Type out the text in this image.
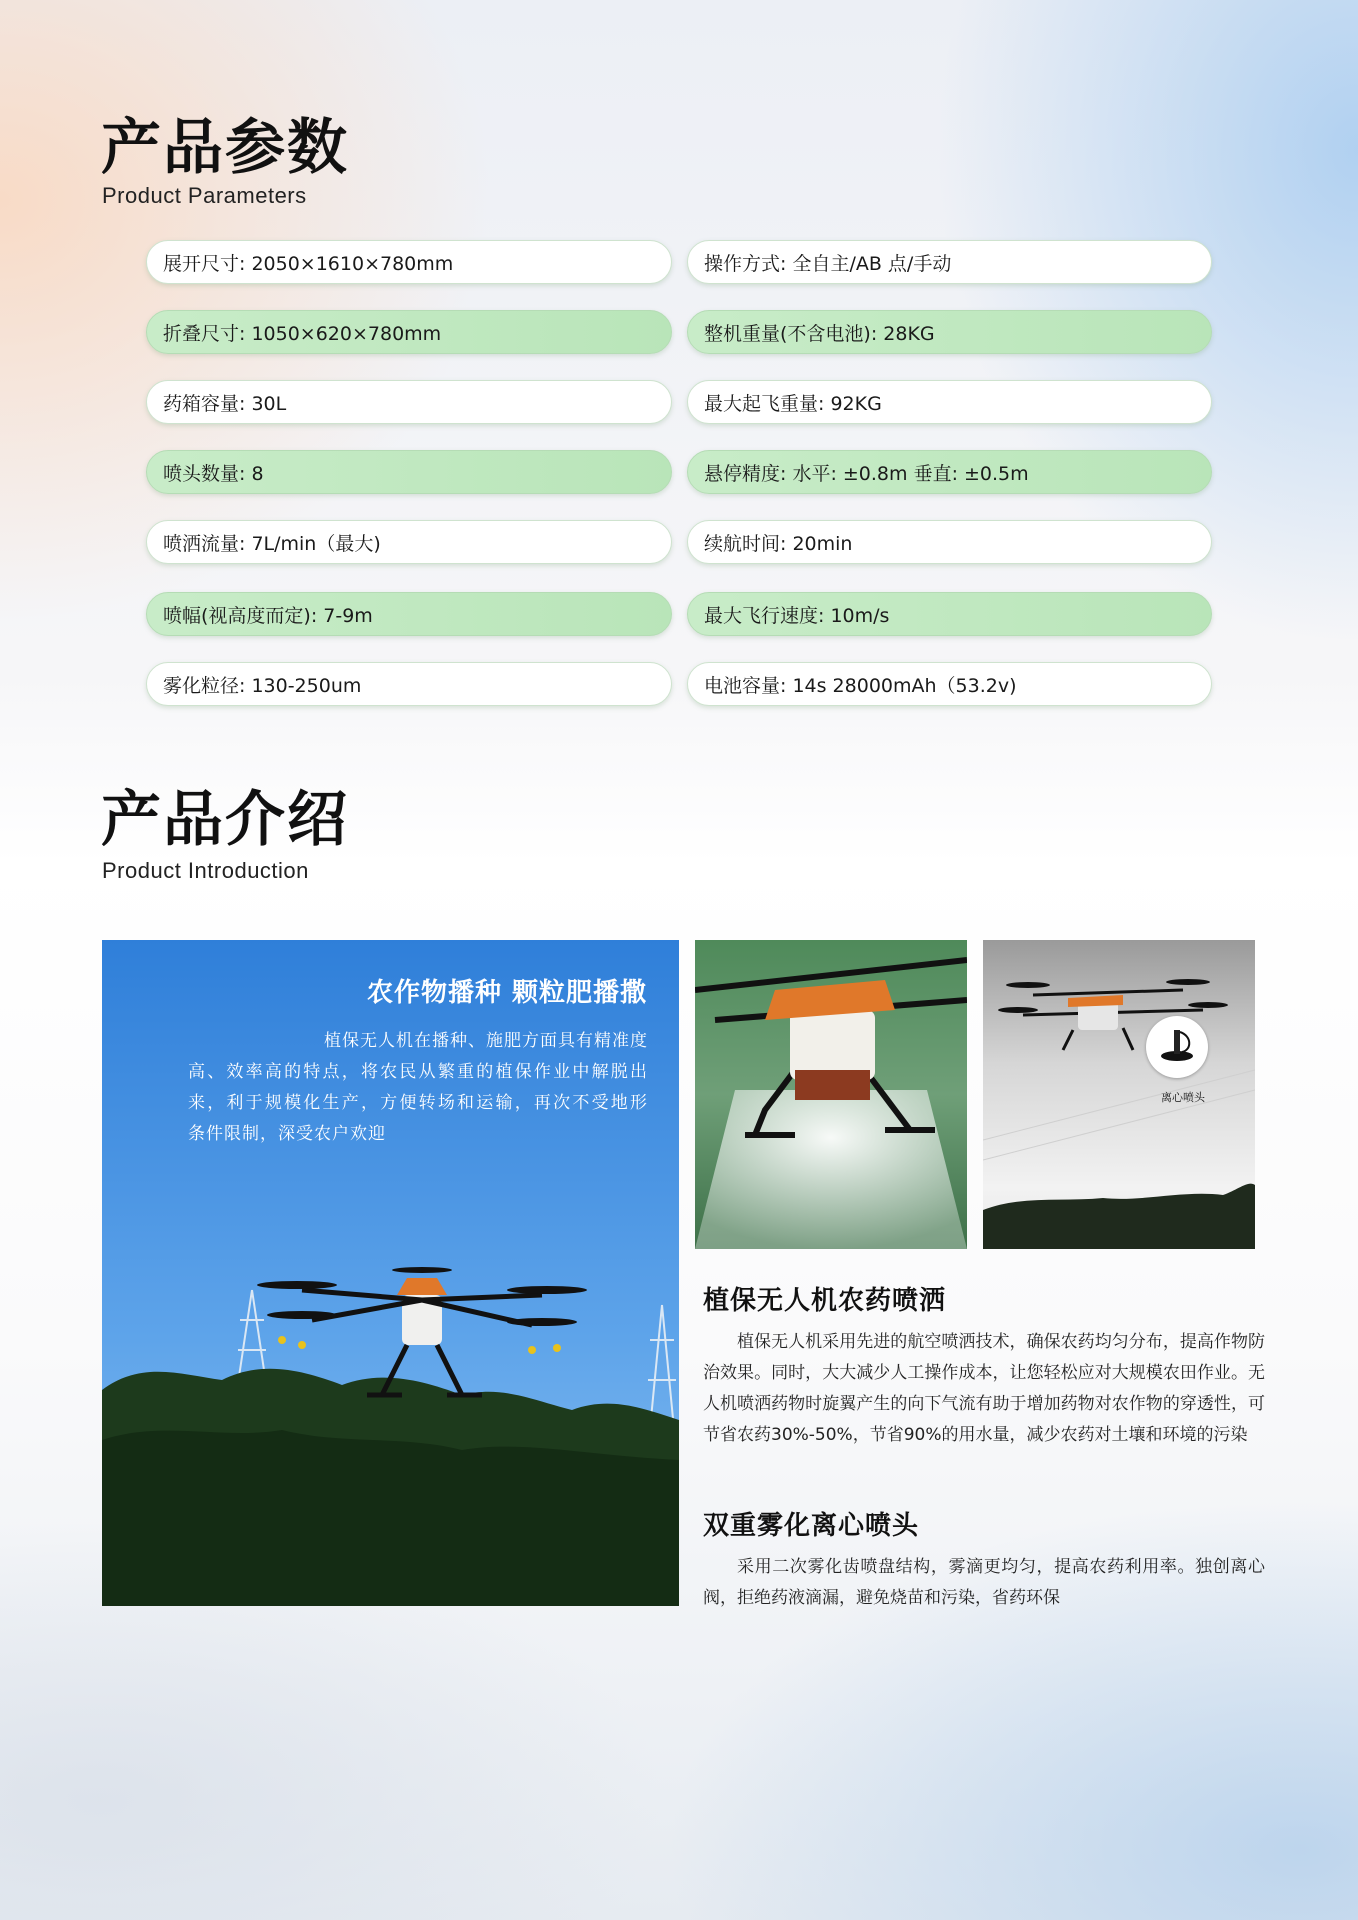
产品参数

Product Parameters

展开尺寸: 2050×1610×780mm	操作方式: 全自主/AB 点/手动
折叠尺寸: 1050×620×780mm	整机重量(不含电池): 28KG
药箱容量: 30L	最大起飞重量: 92KG
喷头数量: 8	悬停精度: 水平: ±0.8m 垂直: ±0.5m
喷洒流量: 7L/min（最大)	续航时间: 20min
喷幅(视高度而定): 7-9m	最大飞行速度: 10m/s
雾化粒径: 130-250um	电池容量: 14s 28000mAh（53.2v)
产品介绍

Product Introduction

农作物播种 颗粒肥播撒

植保无人机在播种、施肥方面具有精准度
高、效率高的特点，将农民从繁重的植保作业中解脱出
来，利于规模化生产，方便转场和运输，再次不受地形
条件限制，深受农户欢迎

离心喷头

植保无人机农药喷洒

植保无人机采用先进的航空喷洒技术，确保农药均匀分布，提高作物防治效果。同时，大大减少人工操作成本，让您轻松应对大规模农田作业。无人机喷洒药物时旋翼产生的向下气流有助于增加药物对农作物的穿透性，可节省农药30%-50%，节省90%的用水量，减少农药对土壤和环境的污染

双重雾化离心喷头

采用二次雾化齿喷盘结构，雾滴更均匀，提高农药利用率。独创离心阀，拒绝药液滴漏，避免烧苗和污染，省药环保
